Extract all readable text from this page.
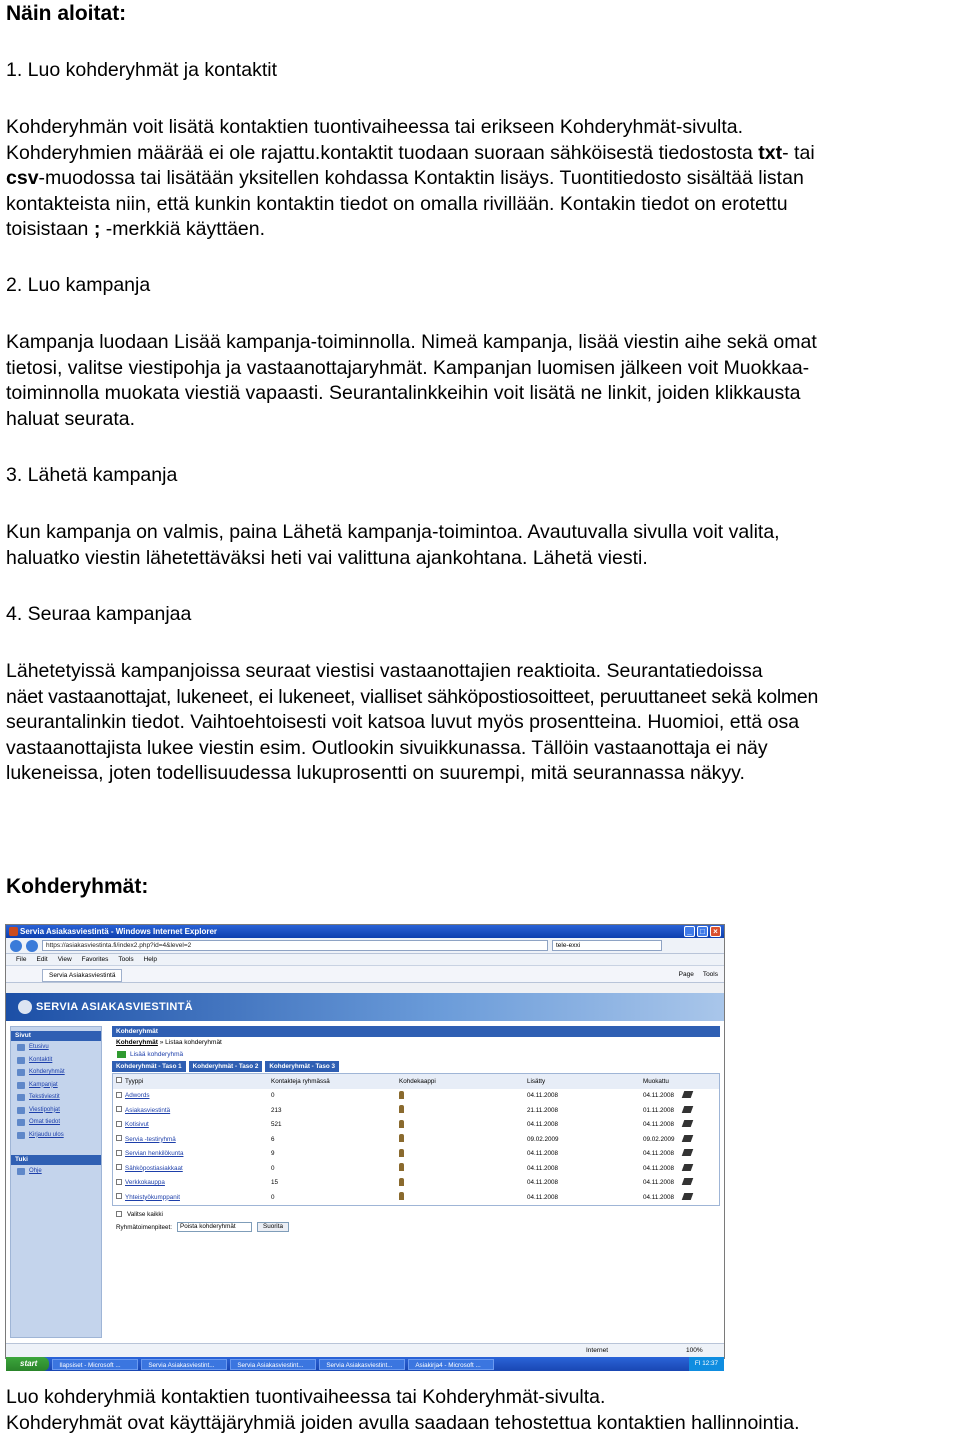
Näin aloitat:
1. Luo kohderyhmät ja kontaktit
Kohderyhmän voit lisätä kontaktien tuontivaiheessa tai erikseen Kohderyhmät-sivulta.
Kohderyhmien määrää ei ole rajattu.kontaktit tuodaan suoraan sähköisestä tiedostosta txt- tai
csv-muodossa tai lisätään yksitellen kohdassa Kontaktin lisäys. Tuontitiedosto sisältää listan
kontakteista niin, että kunkin kontaktin tiedot on omalla rivillään. Kontakin tiedot on erotettu
toisistaan ; -merkkiä käyttäen.
2. Luo kampanja
Kampanja luodaan Lisää kampanja-toiminnolla. Nimeä kampanja, lisää viestin aihe sekä omat
tietosi, valitse viestipohja ja vastaanottajaryhmät. Kampanjan luomisen jälkeen voit Muokkaa-
toiminnolla muokata viestiä vapaasti. Seurantalinkkeihin voit lisätä ne linkit, joiden klikkausta
haluat seurata.
3. Lähetä kampanja
Kun kampanja on valmis, paina Lähetä kampanja-toimintoa. Avautuvalla sivulla voit valita,
haluatko viestin lähetettäväksi heti vai valittuna ajankohtana. Lähetä viesti.
4. Seuraa kampanjaa
Lähetetyissä kampanjoissa seuraat viestisi vastaanottajien reaktioita. Seurantatiedoissa
näet vastaanottajat, lukeneet, ei lukeneet, vialliset sähköpostiosoitteet, peruuttaneet sekä kolmen
seurantalinkin tiedot. Vaihtoehtoisesti voit katsoa luvut myös prosentteina. Huomioi, että osa
vastaanottajista lukee viestin esim. Outlookin sivuikkunassa. Tällöin vastaanottaja ei näy
lukeneissa, joten todellisuudessa lukuprosentti on suurempi, mitä seurannassa näkyy.
Kohderyhmät:
Servia Asiakasviestintä - Windows Internet Explorer	_	□	×
https://asiakasviestinta.fi/index2.php?id=4&level=2	tele-exxi
File Edit View Favorites Tools Help
Servia Asiakasviestintä	Page Tools
SERVIA ASIAKASVIESTINTÄ
Sivut
Etusivu
Kontaktit
Kohderyhmät
Kampanjat
Tekstiviestit
Viestipohjat
Omat tiedot
Kirjaudu ulos
Tuki
Ohje
Kohderyhmät
Kohderyhmät » Listaa kohderyhmät
Lisää kohderyhmä
Kohderyhmät - Taso 1	Kohderyhmät - Taso 2	Kohderyhmät - Taso 3
Tyyppi	Kontakteja ryhmässä	Kohdekaappi	Lisätty	Muokattu
Adwords	0	04.11.2008	04.11.2008
Asiakasviestintä	213	21.11.2008	01.11.2008
Kotisivut	521	04.11.2008	04.11.2008
Servia -testiryhmä	6	09.02.2009	09.02.2009
Servian henkilökunta	9	04.11.2008	04.11.2008
Sähköpostiasiakkaat	0	04.11.2008	04.11.2008
Verkkokauppa	15	04.11.2008	04.11.2008
Yhteistyökumppanit	0	04.11.2008	04.11.2008
Valitse kaikki
Ryhmätoimenpiteet:	Poista kohderyhmät	Suorita
Internet	100%
start	Ilapsiset - Microsoft ...	Servia Asiakasviestint...	Servia Asiakasviestint...	Servia Asiakasviestint...	Asiakirja4 - Microsoft ...	FI 12:37
Luo kohderyhmiä kontaktien tuontivaiheessa tai Kohderyhmät-sivulta.
Kohderyhmät ovat käyttäjäryhmiä joiden avulla saadaan tehostettua kontaktien hallinnointia.
